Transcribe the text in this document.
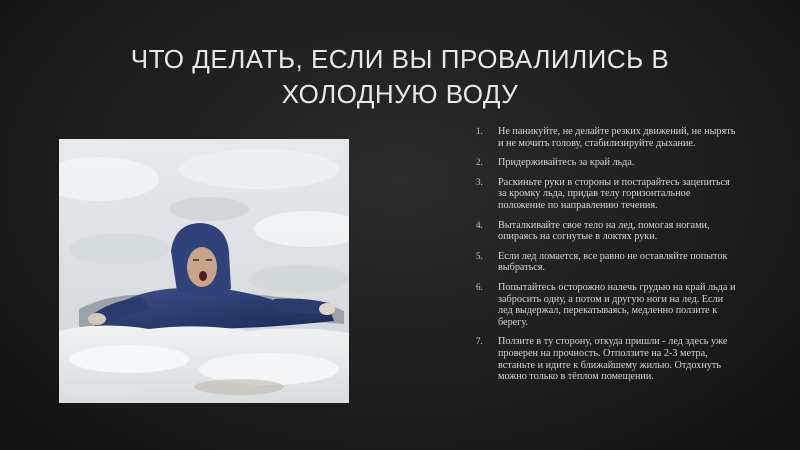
ЧТО ДЕЛАТЬ, ЕСЛИ ВЫ ПРОВАЛИЛИСЬ В ХОЛОДНУЮ ВОДУ
1. Не паникуйте, не делайте резких движений, не нырять и не мочить голову, стабилизируйте дыхание.
2. Придерживайтесь за край льда.
3. Раскиньте руки в стороны и постарайтесь зацепиться за кромку льда, придав телу горизонтальное положение по направлению течения.
4. Выталкивайте свое тело на лед, помогая ногами, опираясь на согнутые в локтях руки.
5. Если лед ломается, все равно не оставляйте попыток выбраться.
6. Попытайтесь осторожно налечь грудью на край льда и забросить одну, а потом и другую ноги на лед. Если лед выдержал, перекатываясь, медленно ползите к берегу.
7. Ползите в ту сторону, откуда пришли - лед здесь уже проверен на прочность. Отползите на 2-3 метра, встаньте и идите к ближайшему жилью. Отдохнуть можно только в тёплом помещении.
